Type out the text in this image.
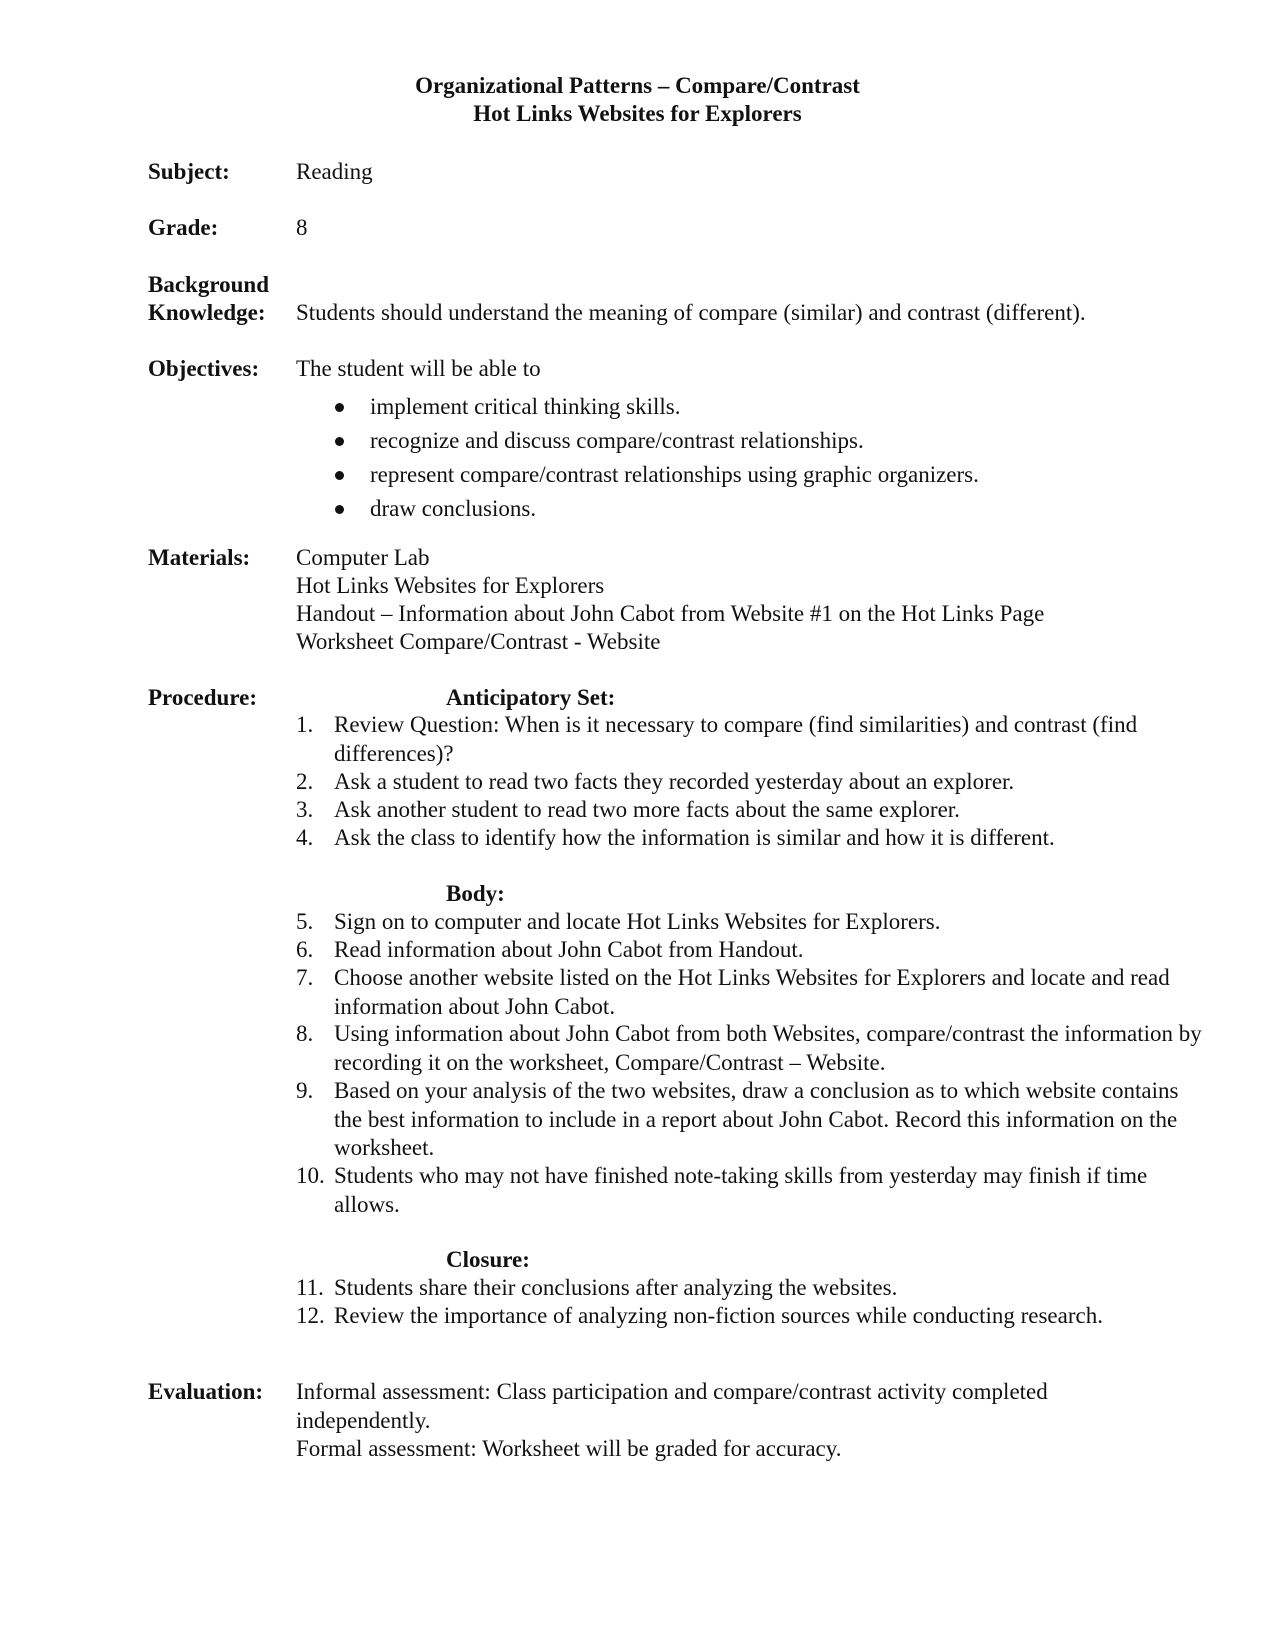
Organizational Patterns – Compare/Contrast
Hot Links Websites for Explorers
Subject:	Reading
Grade:	8
Background
Knowledge: Students should understand the meaning of compare (similar) and contrast (different).
Objectives: The student will be able to
implement critical thinking skills.
recognize and discuss compare/contrast relationships.
represent compare/contrast relationships using graphic organizers.
draw conclusions.
Materials: Computer Lab
Hot Links Websites for Explorers
Handout – Information about John Cabot from Website #1 on the Hot Links Page
Worksheet Compare/Contrast - Website
Procedure:	Anticipatory Set:
1. Review Question: When is it necessary to compare (find similarities) and contrast (find differences)?
2. Ask a student to read two facts they recorded yesterday about an explorer.
3. Ask another student to read two more facts about the same explorer.
4. Ask the class to identify how the information is similar and how it is different.
Body:
5. Sign on to computer and locate Hot Links Websites for Explorers.
6. Read information about John Cabot from Handout.
7. Choose another website listed on the Hot Links Websites for Explorers and locate and read information about John Cabot.
8. Using information about John Cabot from both Websites, compare/contrast the information by recording it on the worksheet, Compare/Contrast – Website.
9. Based on your analysis of the two websites, draw a conclusion as to which website contains the best information to include in a report about John Cabot. Record this information on the worksheet.
10. Students who may not have finished note-taking skills from yesterday may finish if time allows.
Closure:
11. Students share their conclusions after analyzing the websites.
12. Review the importance of analyzing non-fiction sources while conducting research.
Evaluation: Informal assessment: Class participation and compare/contrast activity completed independently.
Formal assessment: Worksheet will be graded for accuracy.
